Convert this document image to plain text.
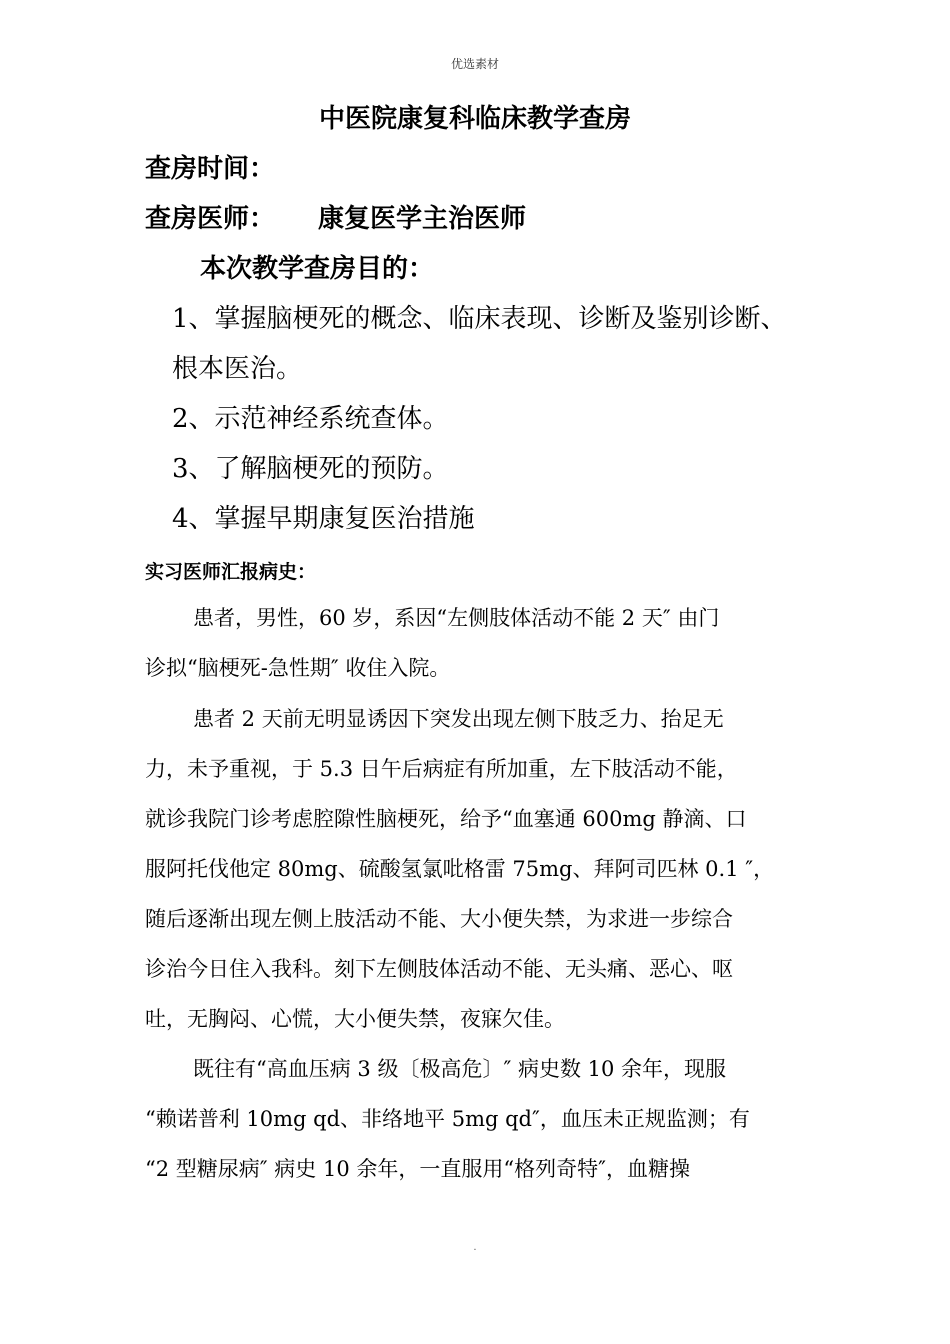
优选素材
中医院康复科临床教学查房
查房时间：
查房医师： 康复医学主治医师
本次教学查房目的：
1、掌握脑梗死的概念、临床表现、诊断及鉴别诊断、
根本医治。
2、示范神经系统查体。
3、了解脑梗死的预防。
4、掌握早期康复医治措施
实习医师汇报病史：
患者，男性，60 岁，系因“左侧肢体活动不能 2 天″ 由门
诊拟“脑梗死-急性期″ 收住入院。
患者 2 天前无明显诱因下突发出现左侧下肢乏力、抬足无
力，未予重视，于 5.3 日午后病症有所加重，左下肢活动不能，
就诊我院门诊考虑腔隙性脑梗死，给予“血塞通 600mg 静滴、口
服阿托伐他定 80mg、硫酸氢氯吡格雷 75mg、拜阿司匹林 0.1 ″，
随后逐渐出现左侧上肢活动不能、大小便失禁，为求进一步综合
诊治今日住入我科。刻下左侧肢体活动不能、无头痛、恶心、呕
吐，无胸闷、心慌，大小便失禁，夜寐欠佳。
既往有“高血压病 3 级〔极高危〕″ 病史数 10 余年，现服
“赖诺普利 10mg qd、非络地平 5mg qd″，血压未正规监测；有
“2 型糖尿病″ 病史 10 余年，一直服用“格列奇特″，血糖操
.
